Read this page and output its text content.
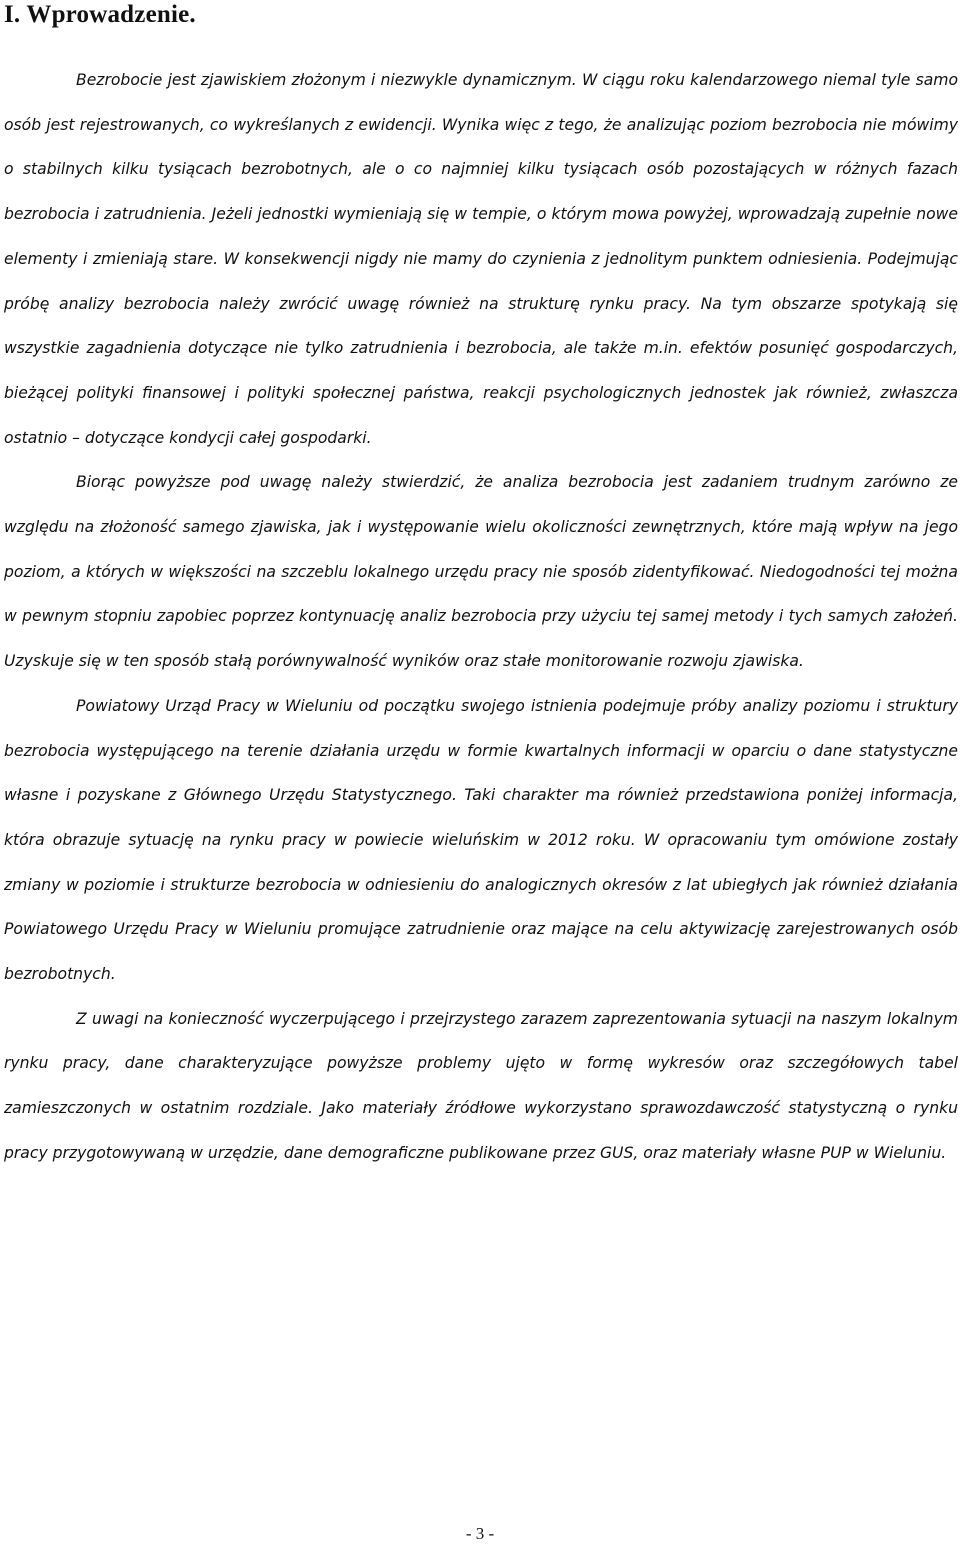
I. Wprowadzenie.

Bezrobocie jest zjawiskiem złożonym i niezwykle dynamicznym. W ciągu roku kalendarzowego niemal tyle samo osób jest rejestrowanych, co wykreślanych z ewidencji. Wynika więc z tego, że analizując poziom bezrobocia nie mówimy o stabilnych kilku tysiącach bezrobotnych, ale o co najmniej kilku tysiącach osób pozostających w różnych fazach bezrobocia i zatrudnienia. Jeżeli jednostki wymieniają się w tempie, o którym mowa powyżej, wprowadzają zupełnie nowe elementy i zmieniają stare. W konsekwencji nigdy nie mamy do czynienia z jednolitym punktem odniesienia. Podejmując próbę analizy bezrobocia należy zwrócić uwagę również na strukturę rynku pracy. Na tym obszarze spotykają się wszystkie zagadnienia dotyczące nie tylko zatrudnienia i bezrobocia, ale także m.in. efektów posunięć gospodarczych, bieżącej polityki finansowej i polityki społecznej państwa, reakcji psychologicznych jednostek jak również, zwłaszcza ostatnio – dotyczące kondycji całej gospodarki.

Biorąc powyższe pod uwagę należy stwierdzić, że analiza bezrobocia jest zadaniem trudnym zarówno ze względu na złożoność samego zjawiska, jak i występowanie wielu okoliczności zewnętrznych, które mają wpływ na jego poziom, a których w większości na szczeblu lokalnego urzędu pracy nie sposób zidentyfikować. Niedogodności tej można w pewnym stopniu zapobiec poprzez kontynuację analiz bezrobocia przy użyciu tej samej metody i tych samych założeń. Uzyskuje się w ten sposób stałą porównywalność wyników oraz stałe monitorowanie rozwoju zjawiska.

Powiatowy Urząd Pracy w Wieluniu od początku swojego istnienia podejmuje próby analizy poziomu i struktury bezrobocia występującego na terenie działania urzędu w formie kwartalnych informacji w oparciu o dane statystyczne własne i pozyskane z Głównego Urzędu Statystycznego. Taki charakter ma również przedstawiona poniżej informacja, która obrazuje sytuację na rynku pracy w powiecie wieluńskim w 2012 roku. W opracowaniu tym omówione zostały zmiany w poziomie i strukturze bezrobocia w odniesieniu do analogicznych okresów z lat ubiegłych jak również działania Powiatowego Urzędu Pracy w Wieluniu promujące zatrudnienie oraz mające na celu aktywizację zarejestrowanych osób bezrobotnych.

Z uwagi na konieczność wyczerpującego i przejrzystego zarazem zaprezentowania sytuacji na naszym lokalnym rynku pracy, dane charakteryzujące powyższe problemy ujęto w formę wykresów oraz szczegółowych tabel zamieszczonych w ostatnim rozdziale. Jako materiały źródłowe wykorzystano sprawozdawczość statystyczną o rynku pracy przygotowywaną w urzędzie, dane demograficzne publikowane przez GUS, oraz materiały własne PUP w Wieluniu.

- 3 -
